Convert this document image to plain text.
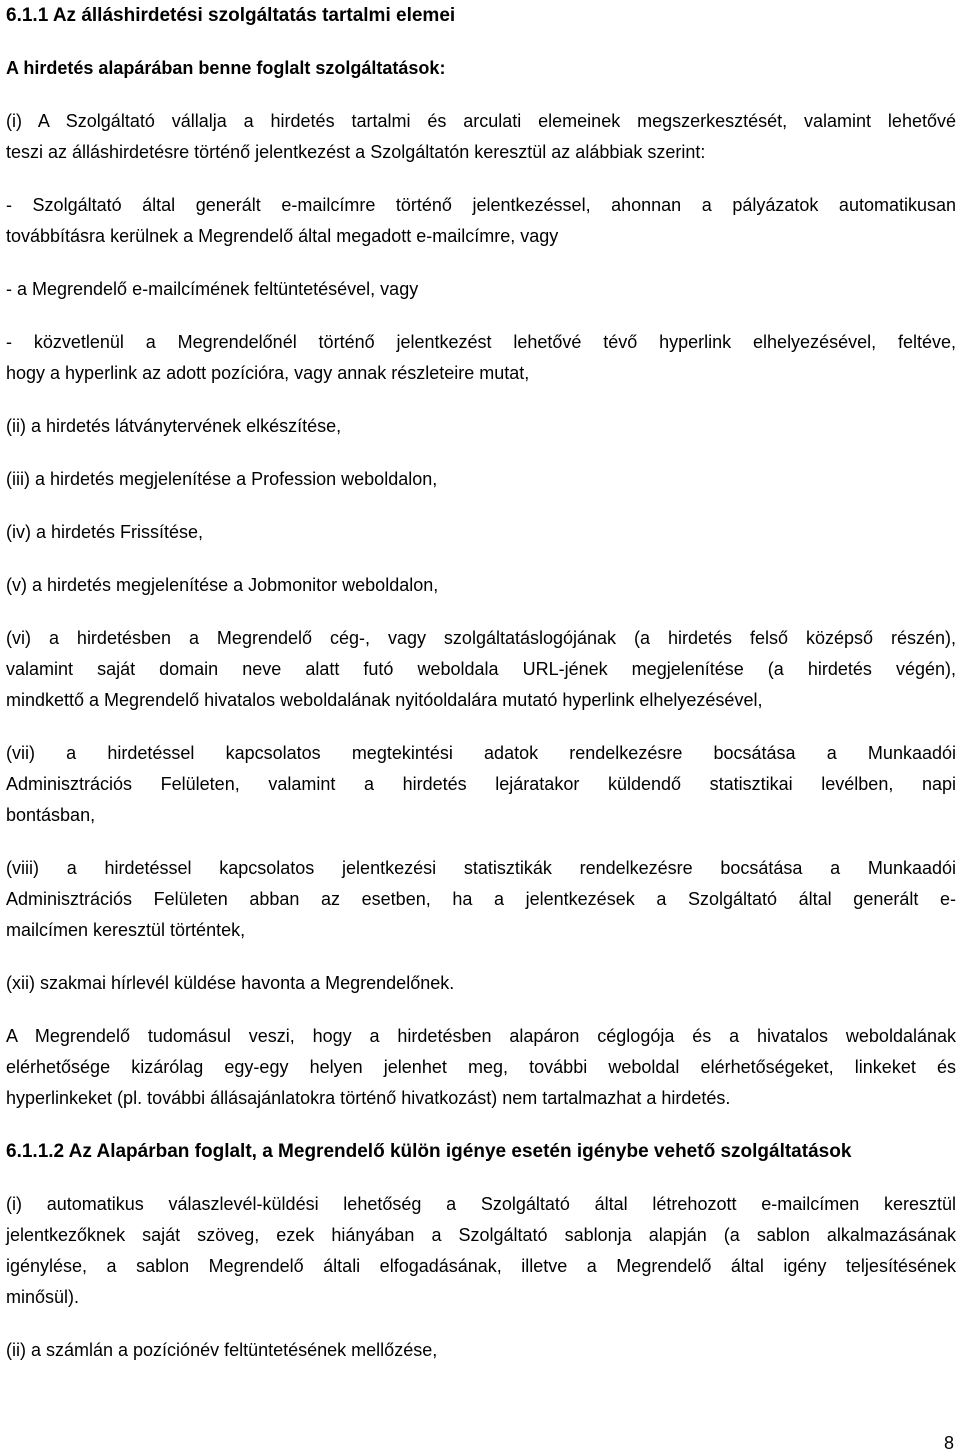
6.1.1 Az álláshirdetési szolgáltatás tartalmi elemei
A hirdetés alapárában benne foglalt szolgáltatások:
(i) A Szolgáltató vállalja a hirdetés tartalmi és arculati elemeinek megszerkesztését, valamint lehetővé
teszi az álláshirdetésre történő jelentkezést a Szolgáltatón keresztül az alábbiak szerint:
- Szolgáltató által generált e-mailcímre történő jelentkezéssel, ahonnan a pályázatok automatikusan
továbbításra kerülnek a Megrendelő által megadott e-mailcímre, vagy
- a Megrendelő e-mailcímének feltüntetésével, vagy
- közvetlenül a Megrendelőnél történő jelentkezést lehetővé tévő hyperlink elhelyezésével, feltéve,
hogy a hyperlink az adott pozícióra, vagy annak részleteire mutat,
(ii) a hirdetés látványtervének elkészítése,
(iii) a hirdetés megjelenítése a Profession weboldalon,
(iv) a hirdetés Frissítése,
(v) a hirdetés megjelenítése a Jobmonitor weboldalon,
(vi) a hirdetésben a Megrendelő cég-, vagy szolgáltatáslogójának (a hirdetés felső középső részén),
valamint saját domain neve alatt futó weboldala URL-jének megjelenítése (a hirdetés végén),
mindkettő a Megrendelő hivatalos weboldalának nyitóoldalára mutató hyperlink elhelyezésével,
(vii) a hirdetéssel kapcsolatos megtekintési adatok rendelkezésre bocsátása a Munkaadói
Adminisztrációs Felületen, valamint a hirdetés lejáratakor küldendő statisztikai levélben, napi
bontásban,
(viii) a hirdetéssel kapcsolatos jelentkezési statisztikák rendelkezésre bocsátása a Munkaadói
Adminisztrációs Felületen abban az esetben, ha a jelentkezések a Szolgáltató által generált e-
mailcímen keresztül történtek,
(xii) szakmai hírlevél küldése havonta a Megrendelőnek.
A Megrendelő tudomásul veszi, hogy a hirdetésben alapáron céglogója és a hivatalos weboldalának
elérhetősége kizárólag egy-egy helyen jelenhet meg, további weboldal elérhetőségeket, linkeket és
hyperlinkeket (pl. további állásajánlatokra történő hivatkozást) nem tartalmazhat a hirdetés.
6.1.1.2 Az Alapárban foglalt, a Megrendelő külön igénye esetén igénybe vehető szolgáltatások
(i) automatikus válaszlevél-küldési lehetőség a Szolgáltató által létrehozott e-mailcímen keresztül
jelentkezőknek saját szöveg, ezek hiányában a Szolgáltató sablonja alapján (a sablon alkalmazásának
igénylése, a sablon Megrendelő általi elfogadásának, illetve a Megrendelő által igény teljesítésének
minősül).
(ii) a számlán a pozíciónév feltüntetésének mellőzése,
8
